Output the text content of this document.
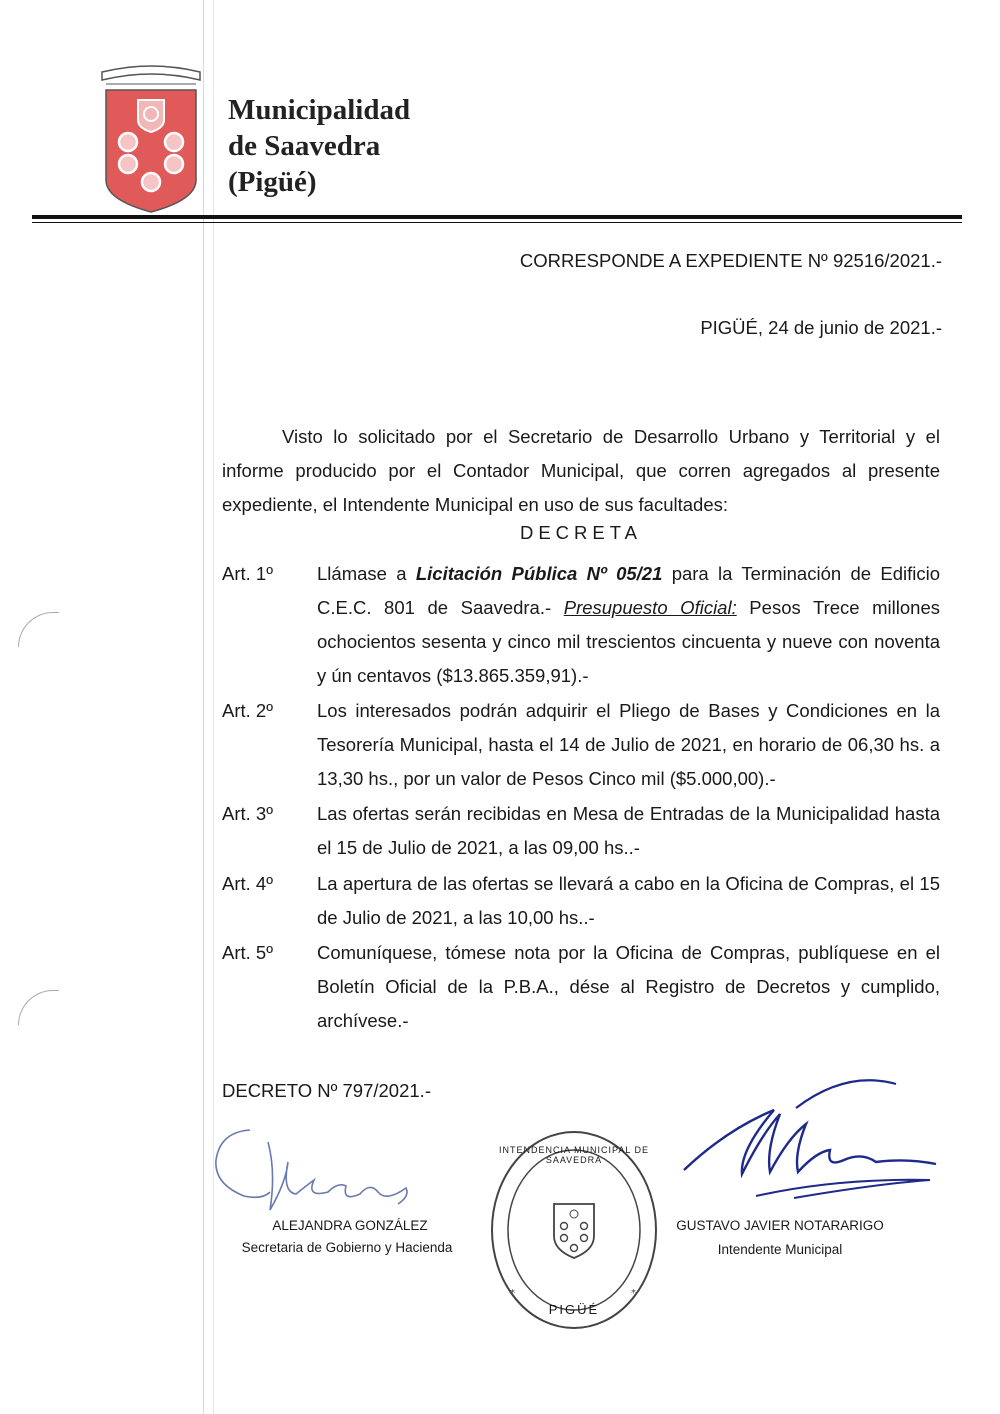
Municipalidad
de Saavedra
(Pigüé)
CORRESPONDE A EXPEDIENTE Nº 92516/2021.-
PIGÜÉ, 24 de junio de 2021.-

Visto lo solicitado por el Secretario de Desarrollo Urbano y Territorial y el informe producido por el Contador Municipal, que corren agregados al presente expediente, el Intendente Municipal en uso de sus facultades:

DECRETA
Art. 1º Llámase a Licitación Pública Nº 05/21 para la Terminación de Edificio C.E.C. 801 de Saavedra.- Presupuesto Oficial: Pesos Trece millones ochocientos sesenta y cinco mil trescientos cincuenta y nueve con noventa y ún centavos ($13.865.359,91).-
Art. 2º Los interesados podrán adquirir el Pliego de Bases y Condiciones en la Tesorería Municipal, hasta el 14 de Julio de 2021, en horario de 06,30 hs. a 13,30 hs., por un valor de Pesos Cinco mil ($5.000,00).-
Art. 3º Las ofertas serán recibidas en Mesa de Entradas de la Municipalidad hasta el 15 de Julio de 2021, a las 09,00 hs..-
Art. 4º La apertura de las ofertas se llevará a cabo en la Oficina de Compras, el 15 de Julio de 2021, a las 10,00 hs..-
Art. 5º Comuníquese, tómese nota por la Oficina de Compras, publíquese en el Boletín Oficial de la P.B.A., dése al Registro de Decretos y cumplido, archívese.-
DECRETO Nº 797/2021.-
ALEJANDRA GONZÁLEZ
Secretaria de Gobierno y Hacienda
*	*
PIGÜÉ
INTENDENCIA MUNICIPAL DE SAAVEDRA
GUSTAVO JAVIER NOTARARIGO
Intendente Municipal
